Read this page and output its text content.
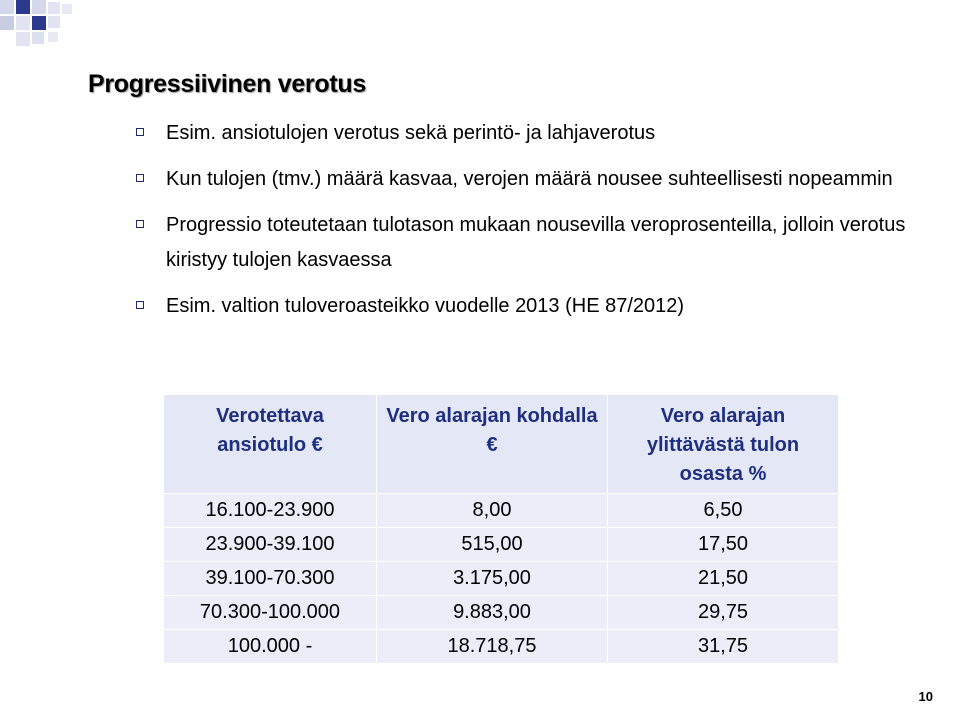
Progressiivinen verotus
Esim. ansiotulojen verotus sekä perintö- ja lahjaverotus
Kun tulojen (tmv.) määrä kasvaa, verojen määrä nousee suhteellisesti nopeammin
Progressio toteutetaan tulotason mukaan nousevilla veroprosenteilla, jolloin verotus kiristyy tulojen kasvaessa
Esim. valtion tuloveroasteikko vuodelle 2013 (HE 87/2012)
Verotettava ansiotulo €	Vero alarajan kohdalla €	Vero alarajan ylittävästä tulon osasta %
16.100-23.900	8,00	6,50
23.900-39.100	515,00	17,50
39.100-70.300	3.175,00	21,50
70.300-100.000	9.883,00	29,75
100.000 -	18.718,75	31,75
10
